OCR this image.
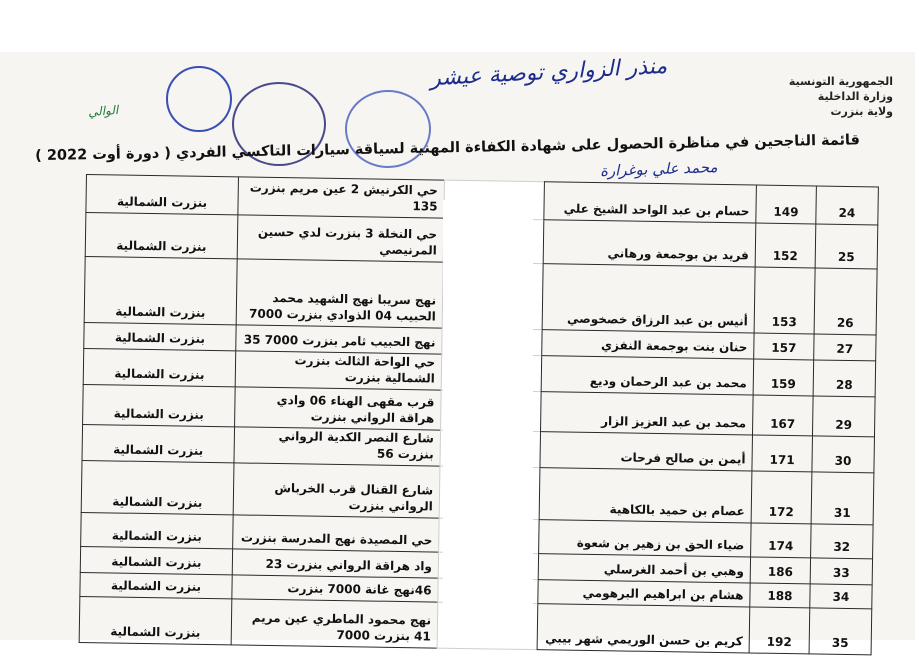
الجمهورية التونسية
وزارة الداخلية
ولاية بنزرت
منذر الزواري توصية عيشر
الوالي
محمد علي بوغرارة
قائمة الناجحين في مناظرة الحصول على شهادة الكفاءة المهنية لسياقة سيارات التاكسي الفردي ( دورة أوت 2022 )
24	149	حسام بن عبد الواحد الشيخ علي		حي الكرنيش 2 عين مريم بنزرت 135	بنزرت الشمالية
25	152	فريد بن بوجمعة ورهاني		حي النخلة 3 بنزرت لدي حسين المرنيصي	بنزرت الشمالية
26	153	أنيس بن عبد الرزاق خصخوصي		نهج سريبا نهج الشهيد محمد الحبيب 04 الذوادي بنزرت 7000	بنزرت الشمالية
27	157	حنان بنت بوجمعة النفزي		نهج الحبيب ثامر بنزرت 7000 35	بنزرت الشمالية
28	159	محمد بن عبد الرحمان وديع		حي الواحة الثالث بنزرت الشمالية بنزرت	بنزرت الشمالية
29	167	محمد بن عبد العزيز الزار		قرب مقهى الهناء 06 وادي هراقة الرواني بنزرت	بنزرت الشمالية
30	171	أيمن بن صالح فرحات		شارع النصر الكدية الرواني بنزرت 56	بنزرت الشمالية
31	172	عصام بن حميد بالكاهية		شارع القنال قرب الخرباش الرواني بنزرت	بنزرت الشمالية
32	174	ضياء الحق بن زهير بن شعوة		حي المصيدة نهج المدرسة بنزرت	بنزرت الشمالية
33	186	وهبي بن أحمد الغرسلي		واد هراقة الرواني بنزرت 23	بنزرت الشمالية
34	188	هشام بن ابراهيم البرهومي		46نهج غانة 7000 بنزرت	بنزرت الشمالية
35	192	كريم بن حسن الوريمي شهر بيبي		نهج محمود الماطري عين مريم 41 بنزرت 7000	بنزرت الشمالية
